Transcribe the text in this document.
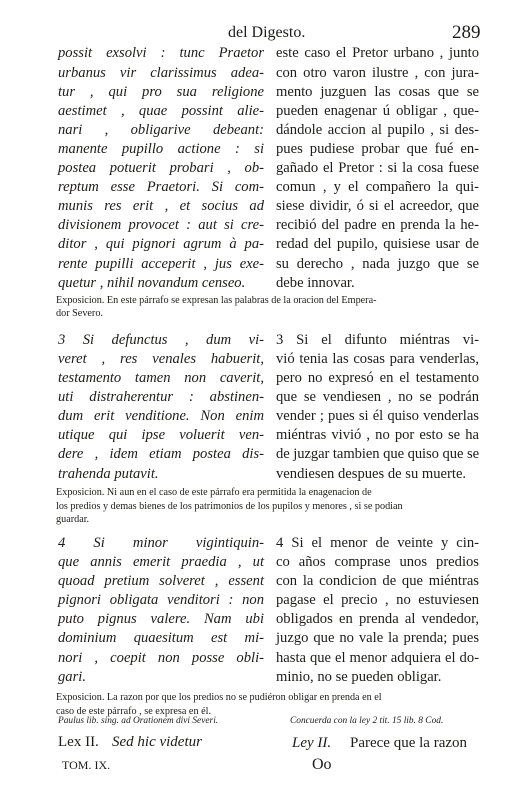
del Digesto.	289
possit exsolvi : tunc Praetor
urbanus vir clarissimus adea-
tur , qui pro sua religione
aestimet , quae possint alie-
nari , obligarive debeant:
manente pupillo actione : si
postea potuerit probari , ob-
reptum esse Praetori. Si com-
munis res erit , et socius ad
divisionem provocet : aut si cre-
ditor , qui pignori agrum à pa-
rente pupilli acceperit , jus exe-
quetur , nihil novandum censeo.
este caso el Pretor urbano , junto
con otro varon ilustre , con jura-
mento juzguen las cosas que se
pueden enagenar ú obligar , que-
dándole accion al pupilo , si des-
pues pudiese probar que fué en-
gañado el Pretor : si la cosa fuese
comun , y el compañero la qui-
siese dividir, ó si el acreedor, que
recibió del padre en prenda la he-
redad del pupilo, quisiese usar de
su derecho , nada juzgo que se
debe innovar.
Exposicion. En este párrafo se expresan las palabras de la oracion del Empera-
dor Severo.
3 Si defunctus , dum vi-
veret , res venales habuerit,
testamento tamen non caverit,
uti distraherentur : abstinen-
dum erit venditione. Non enim
utique qui ipse voluerit ven-
dere , idem etiam postea dis-
trahenda putavit.
3 Si el difunto miéntras vi-
vió tenia las cosas para venderlas,
pero no expresó en el testamento
que se vendiesen , no se podrán
vender ; pues si él quiso venderlas
miéntras vivió , no por esto se ha
de juzgar tambien que quiso que se
vendiesen despues de su muerte.
Exposicion. Ni aun en el caso de este párrafo era permitida la enagenacion de
los predios y demas bienes de los patrimonios de los pupilos y menores , si se podian
guardar.
4 Si minor vigintiquin-
que annis emerit praedia , ut
quoad pretium solveret , essent
pignori obligata venditori : non
puto pignus valere. Nam ubi
dominium quaesitum est mi-
nori , coepit non posse obli-
gari.
4 Si el menor de veinte y cin-
co años comprase unos predios
con la condicion de que miéntras
pagase el precio , no estuviesen
obligados en prenda al vendedor,
juzgo que no vale la prenda; pues
hasta que el menor adquiera el do-
minio, no se pueden obligar.
Exposicion. La razon por que los predios no se pudiéron obligar en prenda en el
caso de este párrafo , se expresa en él.
Paulus lib. sing. ad Orationem divi Severi.	Concuerda con la ley 2 tit. 15 lib. 8 Cod.
Lex II. Sed hic videtur	Ley II. Parece que la razon
TOM. IX.	Oo
